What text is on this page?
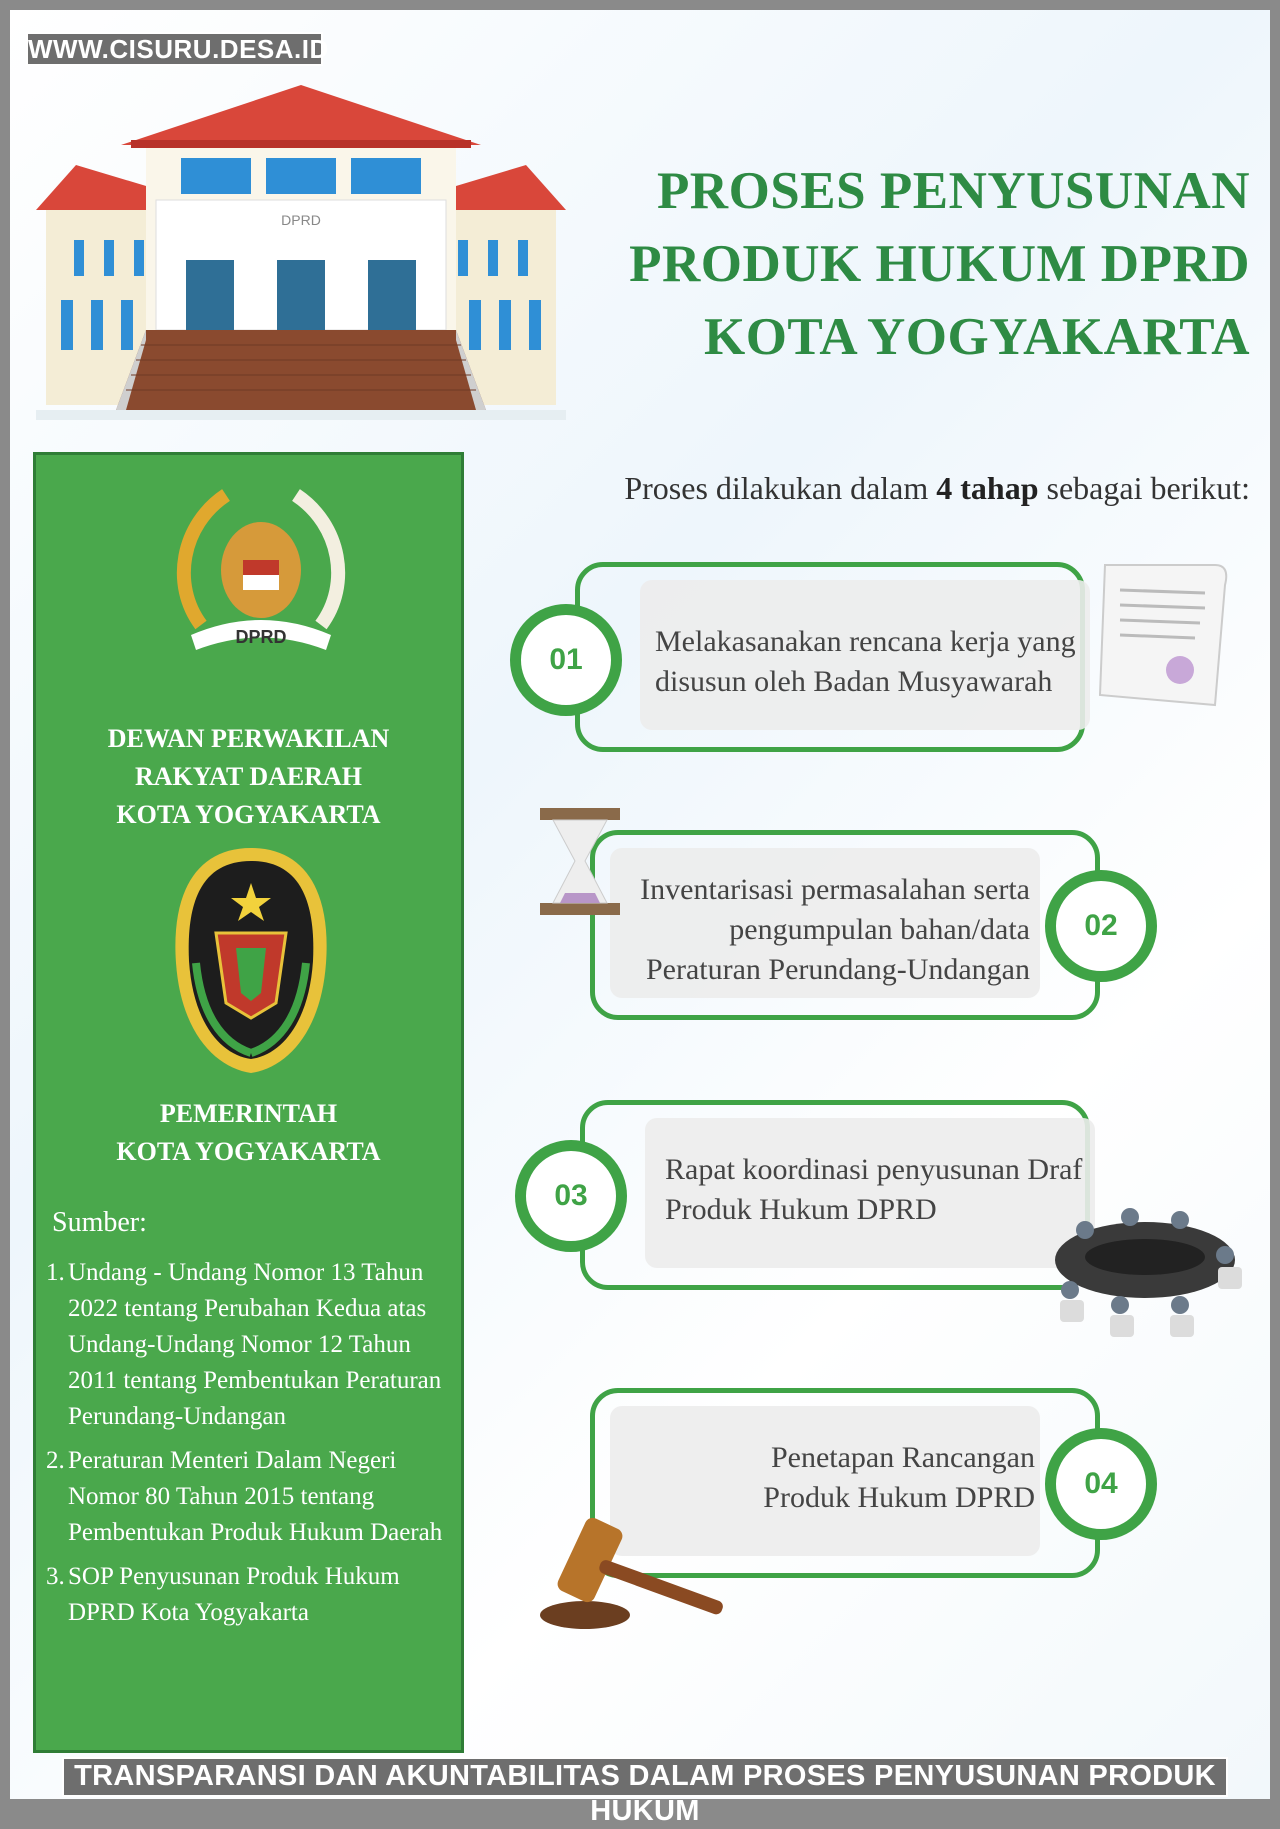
WWW.CISURU.DESA.ID
DPRD	PROSES PENYUSUNAN
PRODUK HUKUM DPRD
KOTA YOGYAKARTA
DPRD
DEWAN PERWAKILAN
RAKYAT DAERAH
KOTA YOGYAKARTA
PEMERINTAH
KOTA YOGYAKARTA
Sumber:
1. Undang - Undang Nomor 13 Tahun 2022 tentang Perubahan Kedua atas Undang-Undang Nomor 12 Tahun 2011 tentang Pembentukan Peraturan Perundang-Undangan
2. Peraturan Menteri Dalam Negeri Nomor 80 Tahun 2015 tentang Pembentukan Produk Hukum Daerah
3. SOP Penyusunan Produk Hukum DPRD Kota Yogyakarta
Proses dilakukan dalam 4 tahap sebagai berikut:
Melakasanakan rencana kerja yang
disusun oleh Badan Musyawarah
01
Inventarisasi permasalahan serta
pengumpulan bahan/data
Peraturan Perundang-Undangan
02
Rapat koordinasi penyusunan Draf
Produk Hukum DPRD
03
Penetapan Rancangan
Produk Hukum DPRD	04
TRANSPARANSI DAN AKUNTABILITAS DALAM PROSES PENYUSUNAN PRODUK HUKUM
